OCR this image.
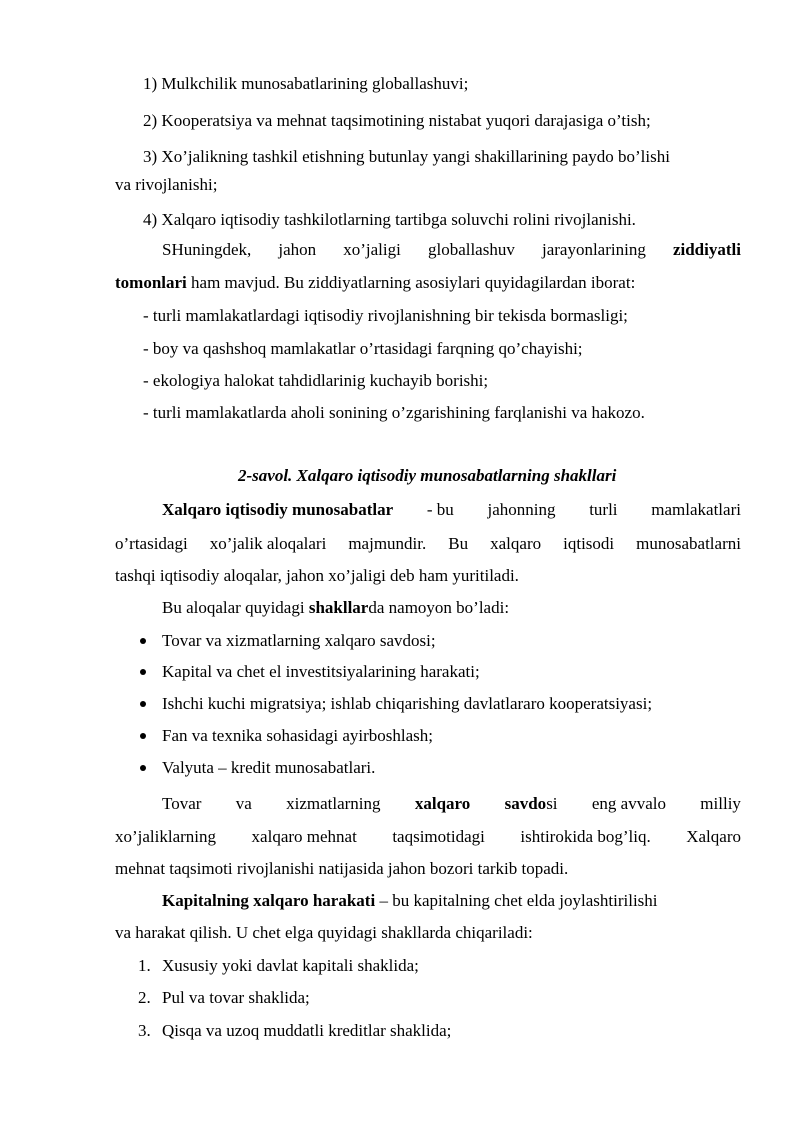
1) Mulkchilik munosabatlarining globallashuvi;
2) Kooperatsiya va mehnat taqsimotining nistabat yuqori darajasiga o’tish;
3) Xo’jalikning tashkil etishning butunlay yangi shakillarining paydo bo’lishi
va rivojlanishi;
4) Xalqaro iqtisodiy tashkilotlarning tartibga soluvchi rolini rivojlanishi.
SHuningdek, jahon xo’jaligi globallashuv jarayonlarining ziddiyatli
tomonlari ham mavjud. Bu ziddiyatlarning asosiylari quyidagilardan iborat:
- turli mamlakatlardagi iqtisodiy rivojlanishning bir tekisda bormasligi;
- boy va qashshoq mamlakatlar o’rtasidagi farqning qo’chayishi;
- ekologiya halokat tahdidlarinig kuchayib borishi;
- turli mamlakatlarda aholi sonining o’zgarishining farqlanishi va hakozo.
2-savol. Xalqaro iqtisodiy munosabatlarning shakllari
Xalqaro iqtisodiy munosabatlar - bu jahonning turli mamlakatlari
o’rtasidagi xo’jalik aloqalari majmundir. Bu xalqaro iqtisodi munosabatlarni
tashqi iqtisodiy aloqalar, jahon xo’jaligi deb ham yuritiladi.
Bu aloqalar quyidagi shakllarda namoyon bo’ladi:
Tovar va xizmatlarning xalqaro savdosi;
Kapital va chet el investitsiyalarining harakati;
Ishchi kuchi migratsiya; ishlab chiqarishing davlatlararo kooperatsiyasi;
Fan va texnika sohasidagi ayirboshlash;
Valyuta – kredit munosabatlari.
Tovar va xizmatlarning xalqaro savdosi eng avvalo milliy
xo’jaliklarning xalqaro mehnat taqsimotidagi ishtirokida bog’liq. Xalqaro
mehnat taqsimoti rivojlanishi natijasida jahon bozori tarkib topadi.
Kapitalning xalqaro harakati – bu kapitalning chet elda joylashtirilishi
va harakat qilish. U chet elga quyidagi shakllarda chiqariladi:
1. Xususiy yoki davlat kapitali shaklida;
2. Pul va tovar shaklida;
3. Qisqa va uzoq muddatli kreditlar shaklida;
